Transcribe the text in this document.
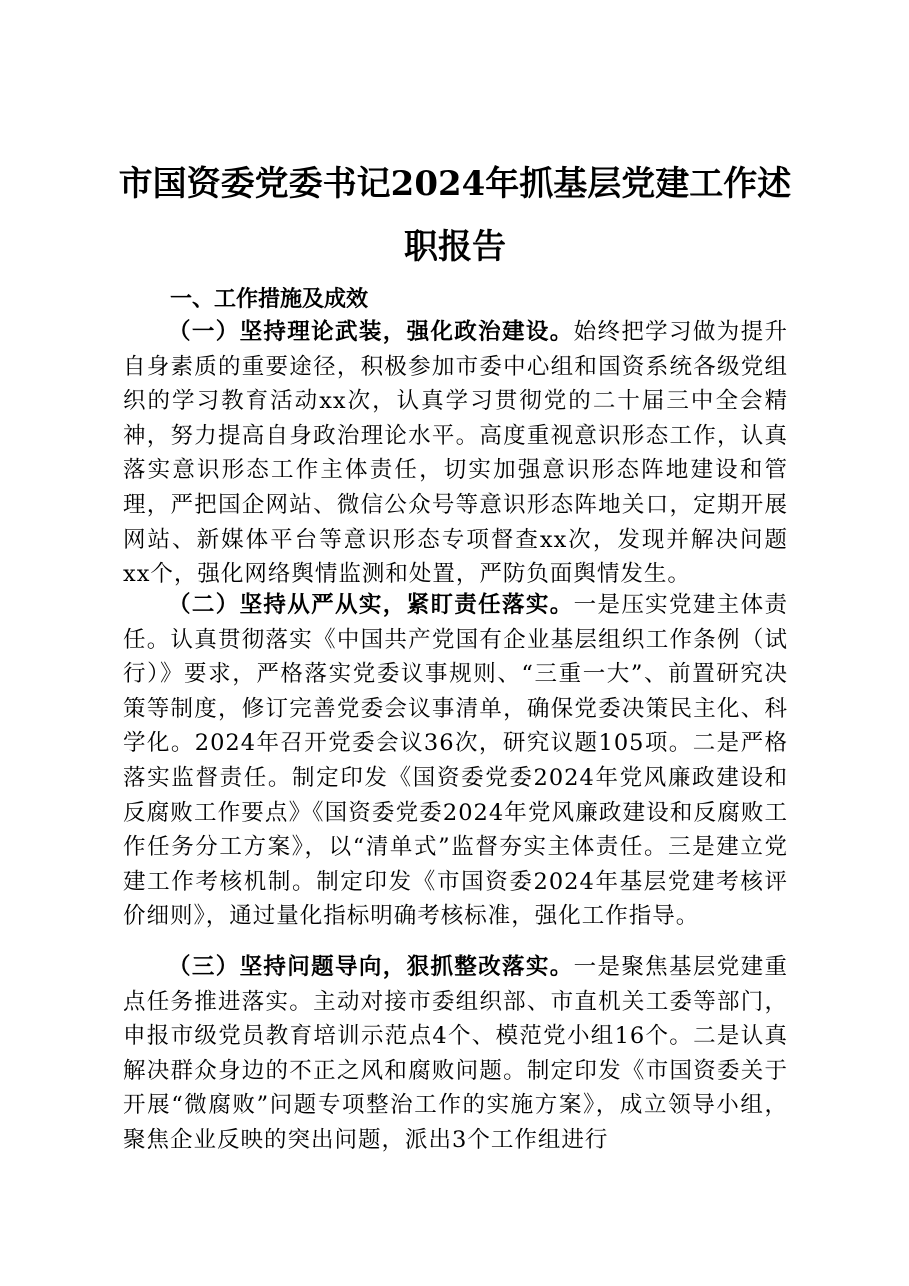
市国资委党委书记2024年抓基层党建工作述
职报告
一、工作措施及成效

（一）坚持理论武装，强化政治建设。始终把学习做为提升自身素质的重要途径，积极参加市委中心组和国资系统各级党组织的学习教育活动xx次，认真学习贯彻党的二十届三中全会精神，努力提高自身政治理论水平。高度重视意识形态工作，认真落实意识形态工作主体责任，切实加强意识形态阵地建设和管理，严把国企网站、微信公众号等意识形态阵地关口，定期开展网站、新媒体平台等意识形态专项督查xx次，发现并解决问题xx个，强化网络舆情监测和处置，严防负面舆情发生。

（二）坚持从严从实，紧盯责任落实。一是压实党建主体责任。认真贯彻落实《中国共产党国有企业基层组织工作条例（试行）》要求，严格落实党委议事规则、“三重一大”、前置研究决策等制度，修订完善党委会议事清单，确保党委决策民主化、科学化。2024年召开党委会议36次，研究议题105项。二是严格落实监督责任。制定印发《国资委党委2024年党风廉政建设和反腐败工作要点》《国资委党委2024年党风廉政建设和反腐败工作任务分工方案》，以“清单式”监督夯实主体责任。三是建立党建工作考核机制。制定印发《市国资委2024年基层党建考核评价细则》，通过量化指标明确考核标准，强化工作指导。

（三）坚持问题导向，狠抓整改落实。一是聚焦基层党建重点任务推进落实。主动对接市委组织部、市直机关工委等部门，申报市级党员教育培训示范点4个、模范党小组16个。二是认真解决群众身边的不正之风和腐败问题。制定印发《市国资委关于开展“微腐败”问题专项整治工作的实施方案》，成立领导小组，聚焦企业反映的突出问题，派出3个工作组进行
